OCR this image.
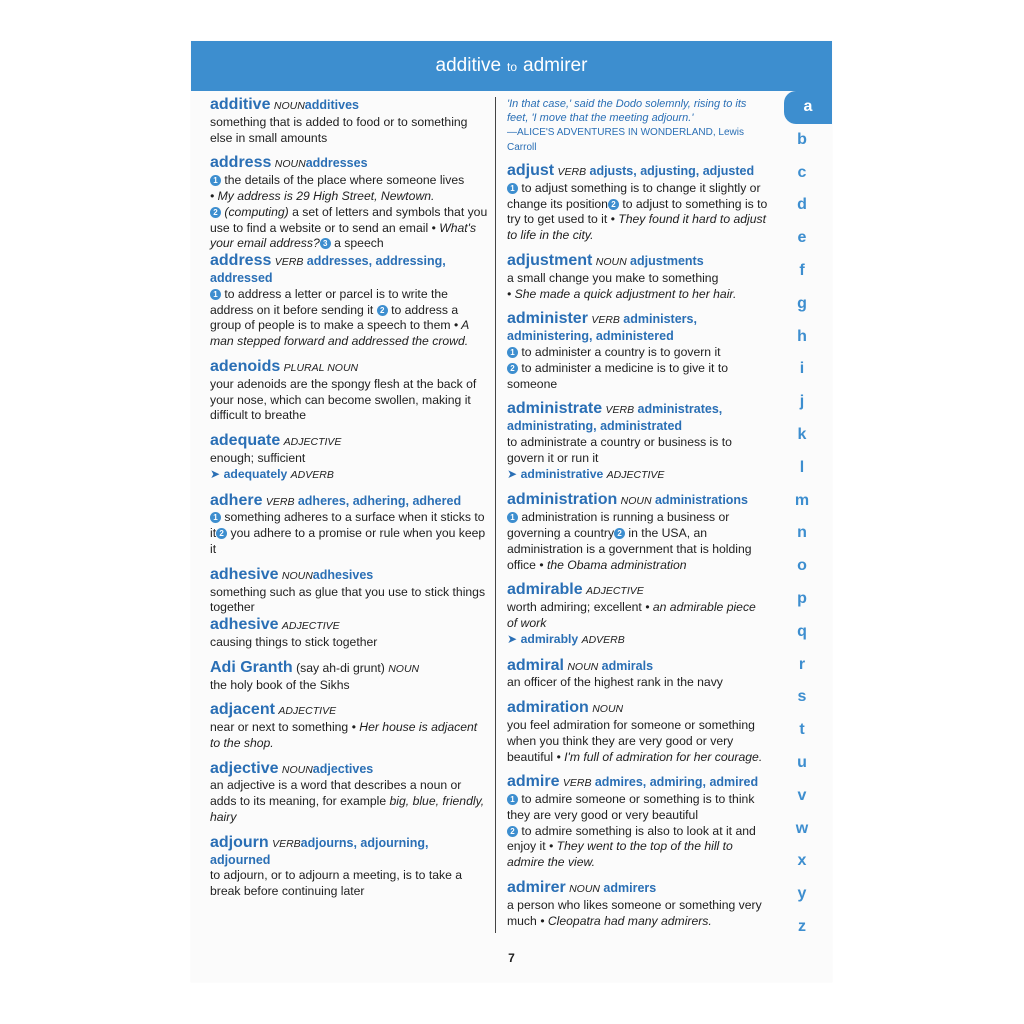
additive to admirer
additive NOUNadditives
something that is added to food or to something else in small amounts
address NOUNaddresses
1 the details of the place where someone lives
• My address is 29 High Street, Newtown.
2 (computing) a set of letters and symbols that you use to find a website or to send an email • What's your email address? 3 a speech
address VERB addresses, addressing, addressed
1 to address a letter or parcel is to write the address on it before sending it 2 to address a group of people is to make a speech to them • A man stepped forward and addressed the crowd.
adenoids PLURAL NOUN
your adenoids are the spongy flesh at the back of your nose, which can become swollen, making it difficult to breathe
adequate ADJECTIVE
enough; sufficient
➤ adequately ADVERB
adhere VERB adheres, adhering, adhered
1 something adheres to a surface when it sticks to it 2 you adhere to a promise or rule when you keep it
adhesive NOUNadhesives
something such as glue that you use to stick things together
adhesive ADJECTIVE
causing things to stick together
Adi Granth (say ah-di grunt) NOUN
the holy book of the Sikhs
adjacent ADJECTIVE
near or next to something • Her house is adjacent to the shop.
adjective NOUNadjectives
an adjective is a word that describes a noun or adds to its meaning, for example big, blue, friendly, hairy
adjourn VERBadjourns, adjourning, adjourned
to adjourn, or to adjourn a meeting, is to take a break before continuing later
'In that case,' said the Dodo solemnly, rising to its feet, 'I move that the meeting adjourn.'
—ALICE'S ADVENTURES IN WONDERLAND, Lewis Carroll
adjust VERB adjusts, adjusting, adjusted
1 to adjust something is to change it slightly or change its position 2 to adjust to something is to try to get used to it • They found it hard to adjust to life in the city.
adjustment NOUN adjustments
a small change you make to something
• She made a quick adjustment to her hair.
administer VERB administers, administering, administered
1 to administer a country is to govern it
2 to administer a medicine is to give it to someone
administrate VERB administrates, administrating, administrated
to administrate a country or business is to govern it or run it
➤ administrative ADJECTIVE
administration NOUN administrations
1 administration is running a business or governing a country 2 in the USA, an administration is a government that is holding office • the Obama administration
admirable ADJECTIVE
worth admiring; excellent • an admirable piece of work
➤ admirably ADVERB
admiral NOUN admirals
an officer of the highest rank in the navy
admiration NOUN
you feel admiration for someone or something when you think they are very good or very beautiful • I'm full of admiration for her courage.
admire VERB admires, admiring, admired
1 to admire someone or something is to think they are very good or very beautiful
2 to admire something is also to look at it and enjoy it • They went to the top of the hill to admire the view.
admirer NOUN admirers
a person who likes someone or something very much • Cleopatra had many admirers.
a
b
c
d
e
f
g
h
i
j
k
l
m
n
o
p
q
r
s
t
u
v
w
x
y
z
7
